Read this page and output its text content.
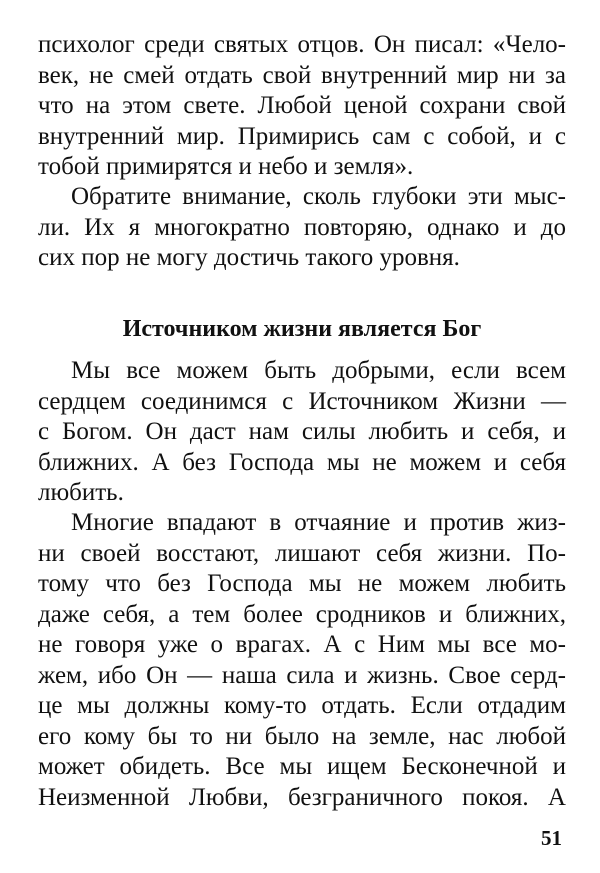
психолог среди святых отцов. Он писал: «Чело-
век, не смей отдать свой внутренний мир ни за
что на этом свете. Любой ценой сохрани свой
внутренний мир. Примирись сам с собой, и с
тобой примирятся и небо и земля».
Обратите внимание, сколь глубоки эти мыс-
ли. Их я многократно повторяю, однако и до
сих пор не могу достичь такого уровня.
Источником жизни является Бог
Мы все можем быть добрыми, если всем
сердцем соединимся с Источником Жизни —
с Богом. Он даст нам силы любить и себя, и
ближних. А без Господа мы не можем и себя
любить.
Многие впадают в отчаяние и против жиз-
ни своей восстают, лишают себя жизни. По-
тому что без Господа мы не можем любить
даже себя, а тем более сродников и ближних,
не говоря уже о врагах. А с Ним мы все мо-
жем, ибо Он — наша сила и жизнь. Свое серд-
це мы должны кому-то отдать. Если отдадим
его кому бы то ни было на земле, нас любой
может обидеть. Все мы ищем Бесконечной и
Неизменной Любви, безграничного покоя. А
51
